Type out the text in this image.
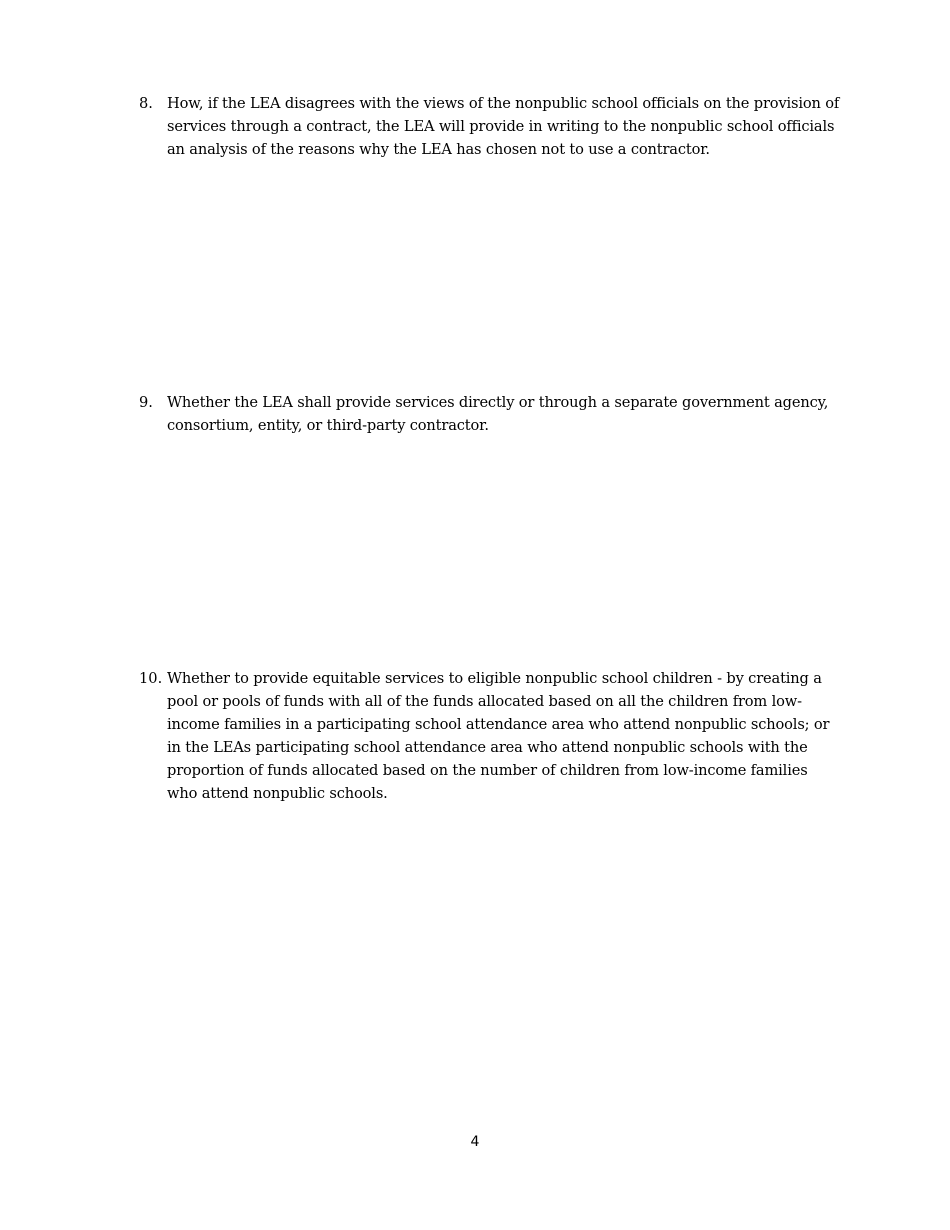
8. How, if the LEA disagrees with the views of the nonpublic school officials on the provision of
services through a contract, the LEA will provide in writing to the nonpublic school officials
an analysis of the reasons why the LEA has chosen not to use a contractor.
9. Whether the LEA shall provide services directly or through a separate government agency,
consortium, entity, or third-party contractor.
10. Whether to provide equitable services to eligible nonpublic school children - by creating a
pool or pools of funds with all of the funds allocated based on all the children from low-
income families in a participating school attendance area who attend nonpublic schools; or
in the LEAs participating school attendance area who attend nonpublic schools with the
proportion of funds allocated based on the number of children from low-income families
who attend nonpublic schools.
4
